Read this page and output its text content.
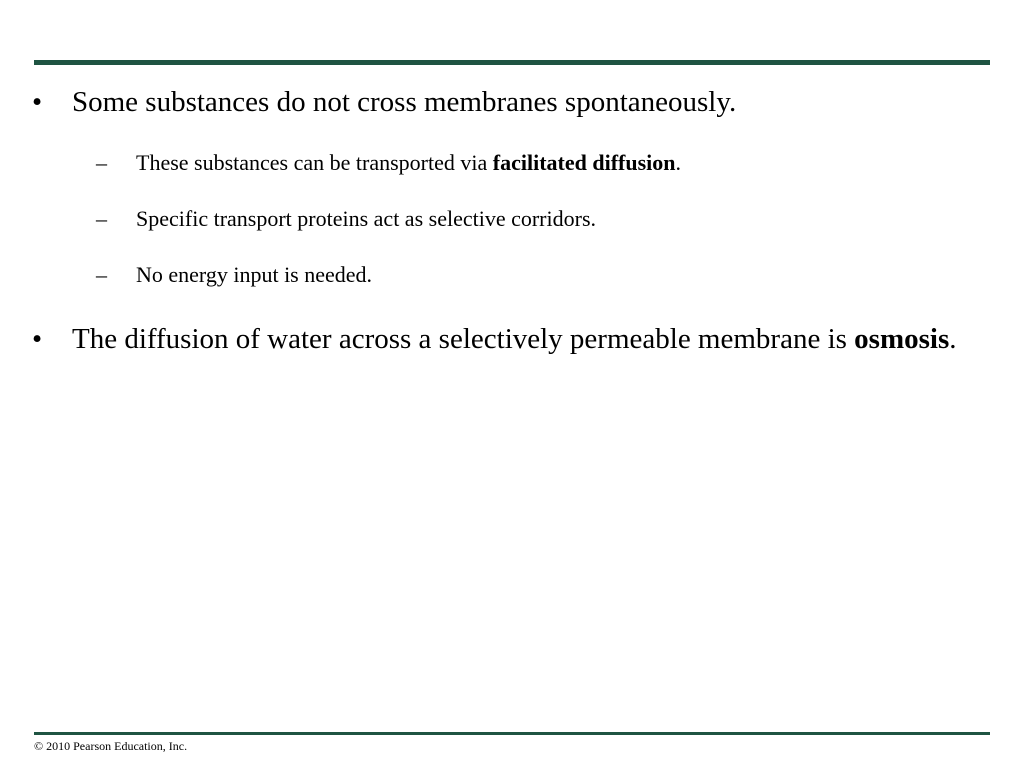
•	Some substances do not cross membranes spontaneously.
–	These substances can be transported via facilitated diffusion.
–	Specific transport proteins act as selective corridors.
–	No energy input is needed.
•	The diffusion of water across a selectively permeable membrane is osmosis.
© 2010 Pearson Education, Inc.
